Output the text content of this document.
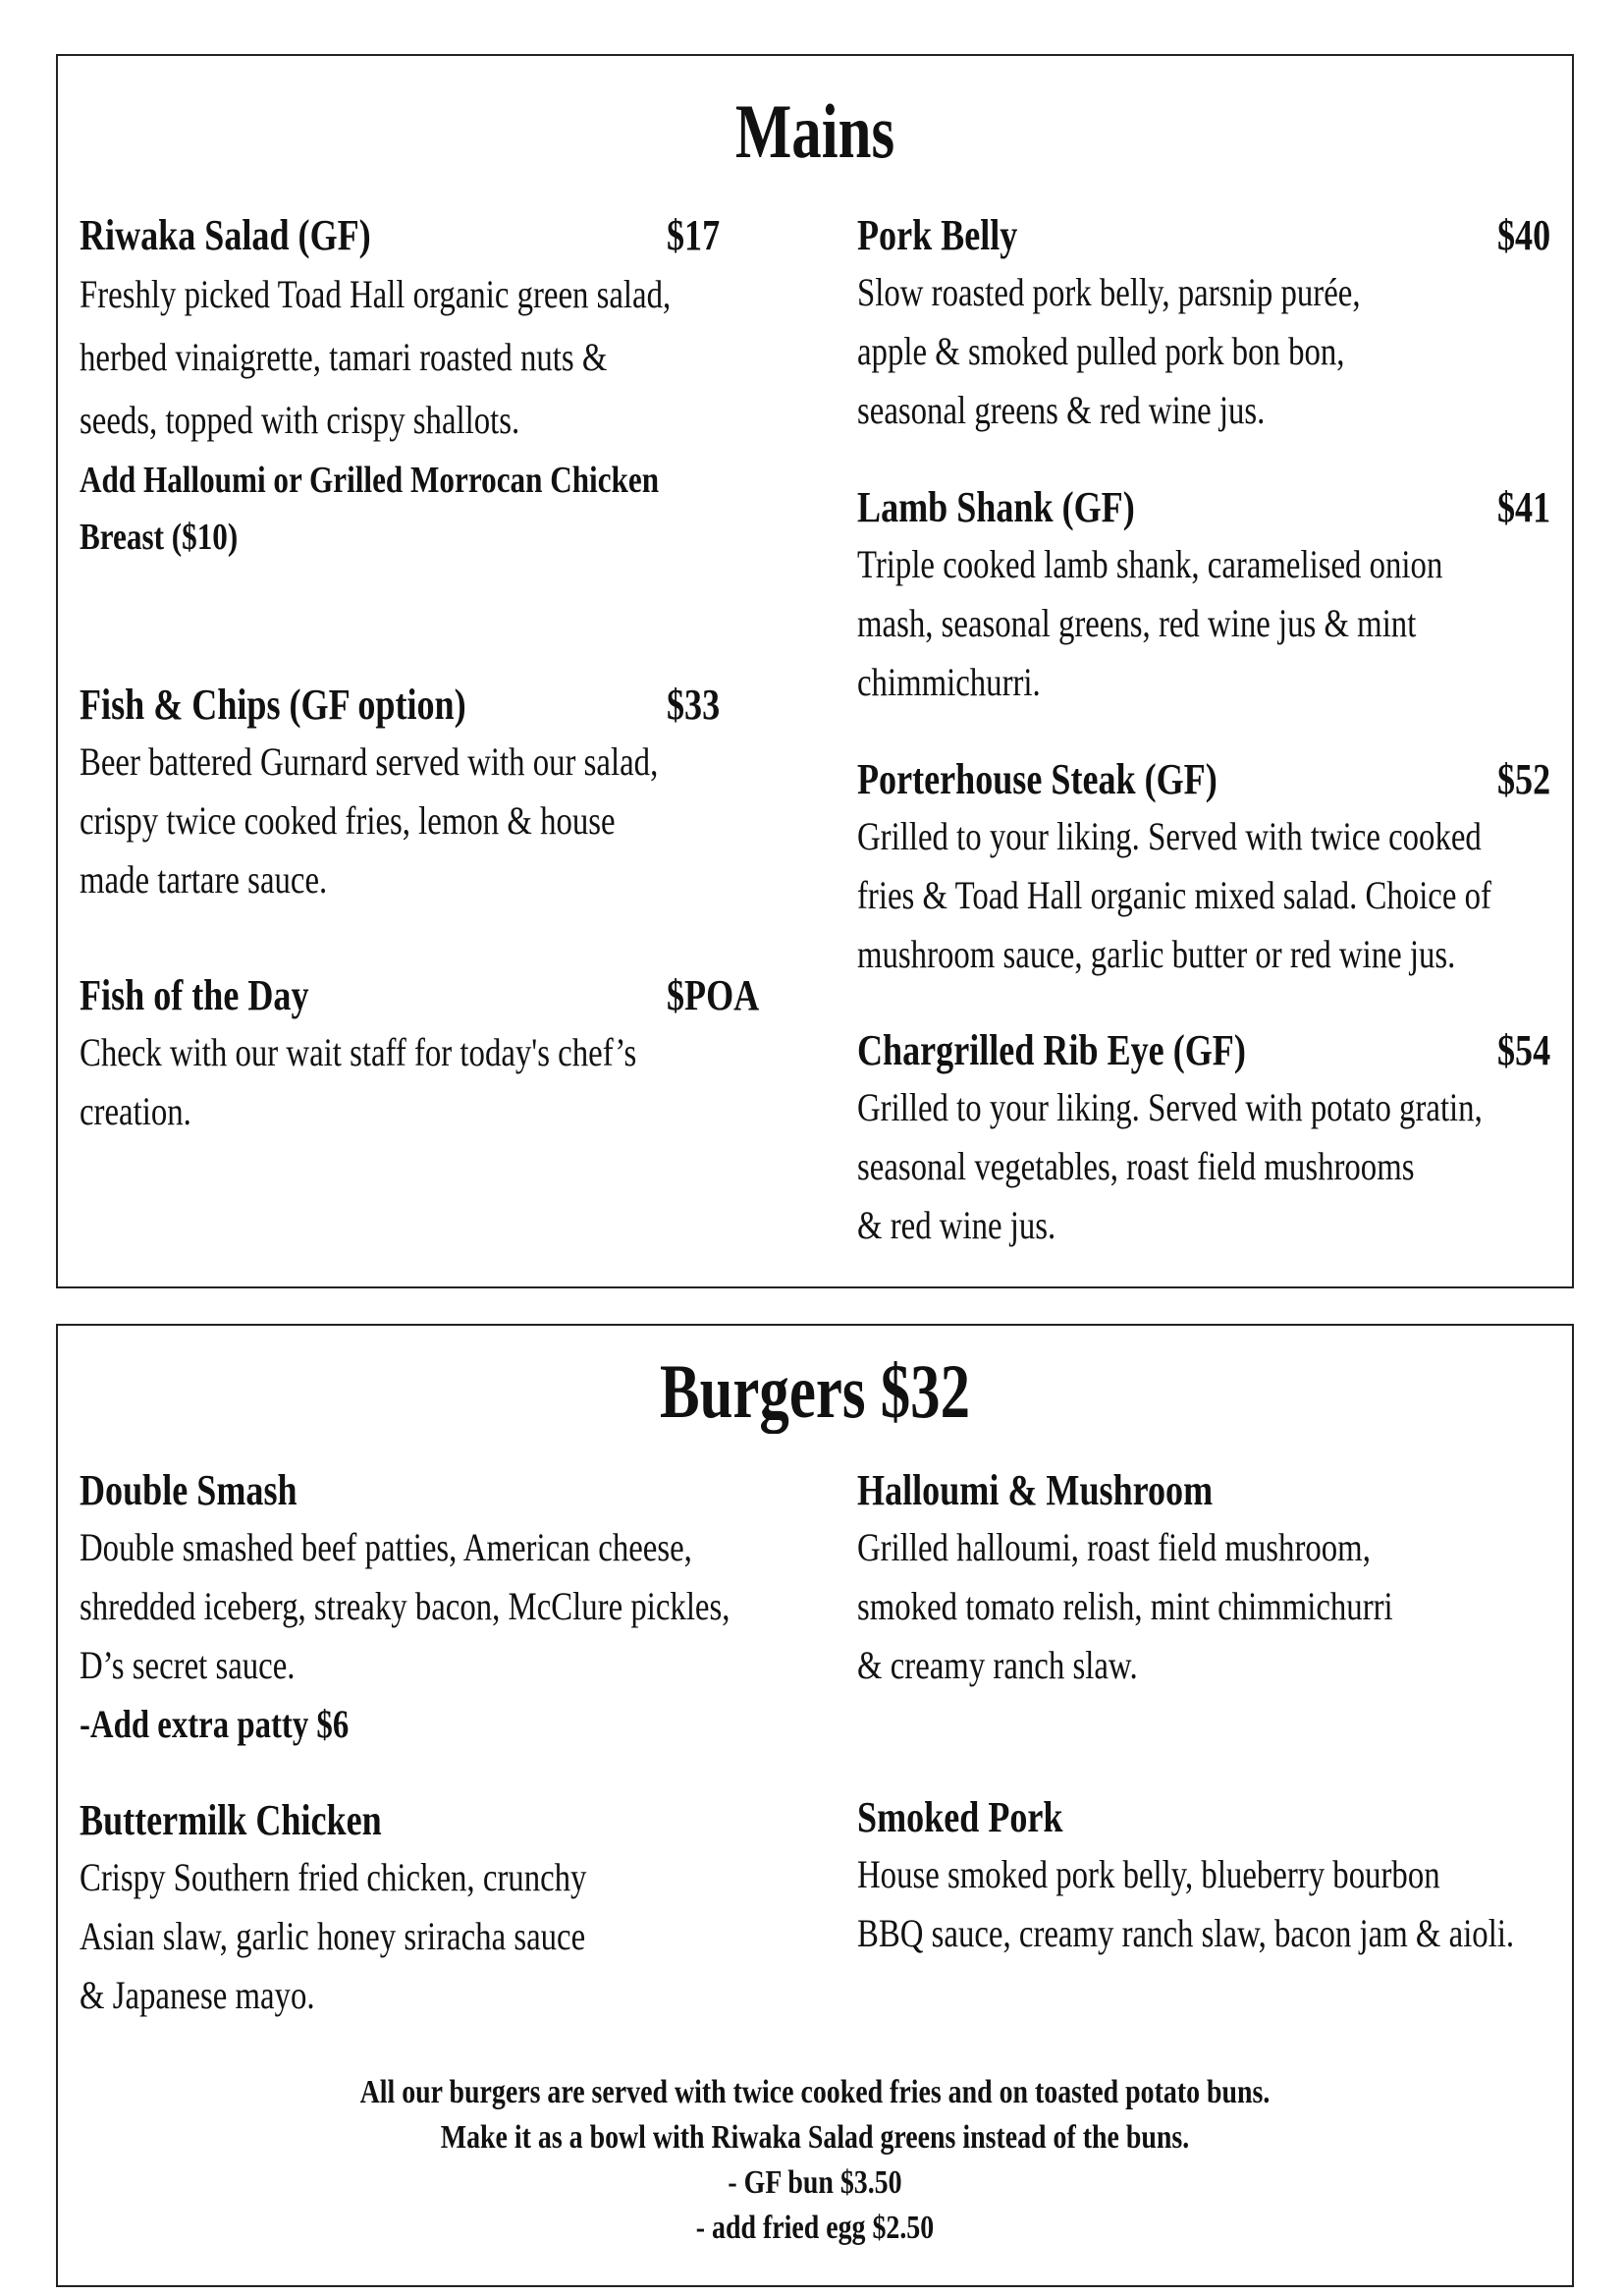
Mains
Riwaka Salad (GF)	$17
Freshly picked Toad Hall organic green salad,
herbed vinaigrette, tamari roasted nuts &
seeds, topped with crispy shallots.
Add Halloumi or Grilled Morrocan Chicken
Breast ($10)
Fish & Chips (GF option)	$33
Beer battered Gurnard served with our salad,
crispy twice cooked fries, lemon & house
made tartare sauce.
Fish of the Day	$POA
Check with our wait staff for today's chef’s
creation.
Pork Belly	$40
Slow roasted pork belly, parsnip purée,
apple & smoked pulled pork bon bon,
seasonal greens & red wine jus.
Lamb Shank (GF)	$41
Triple cooked lamb shank, caramelised onion
mash, seasonal greens, red wine jus & mint
chimmichurri.
Porterhouse Steak (GF)	$52
Grilled to your liking. Served with twice cooked
fries & Toad Hall organic mixed salad. Choice of
mushroom sauce, garlic butter or red wine jus.
Chargrilled Rib Eye (GF)	$54
Grilled to your liking. Served with potato gratin,
seasonal vegetables, roast field mushrooms
& red wine jus.
Burgers $32
Double Smash
Double smashed beef patties, American cheese,
shredded iceberg, streaky bacon, McClure pickles,
D’s secret sauce.
-Add extra patty $6
Buttermilk Chicken
Crispy Southern fried chicken, crunchy
Asian slaw, garlic honey sriracha sauce
& Japanese mayo.
Halloumi & Mushroom
Grilled halloumi, roast field mushroom,
smoked tomato relish, mint chimmichurri
& creamy ranch slaw.
Smoked Pork
House smoked pork belly, blueberry bourbon
BBQ sauce, creamy ranch slaw, bacon jam & aioli.
All our burgers are served with twice cooked fries and on toasted potato buns.
Make it as a bowl with Riwaka Salad greens instead of the buns.
- GF bun $3.50
- add fried egg $2.50
